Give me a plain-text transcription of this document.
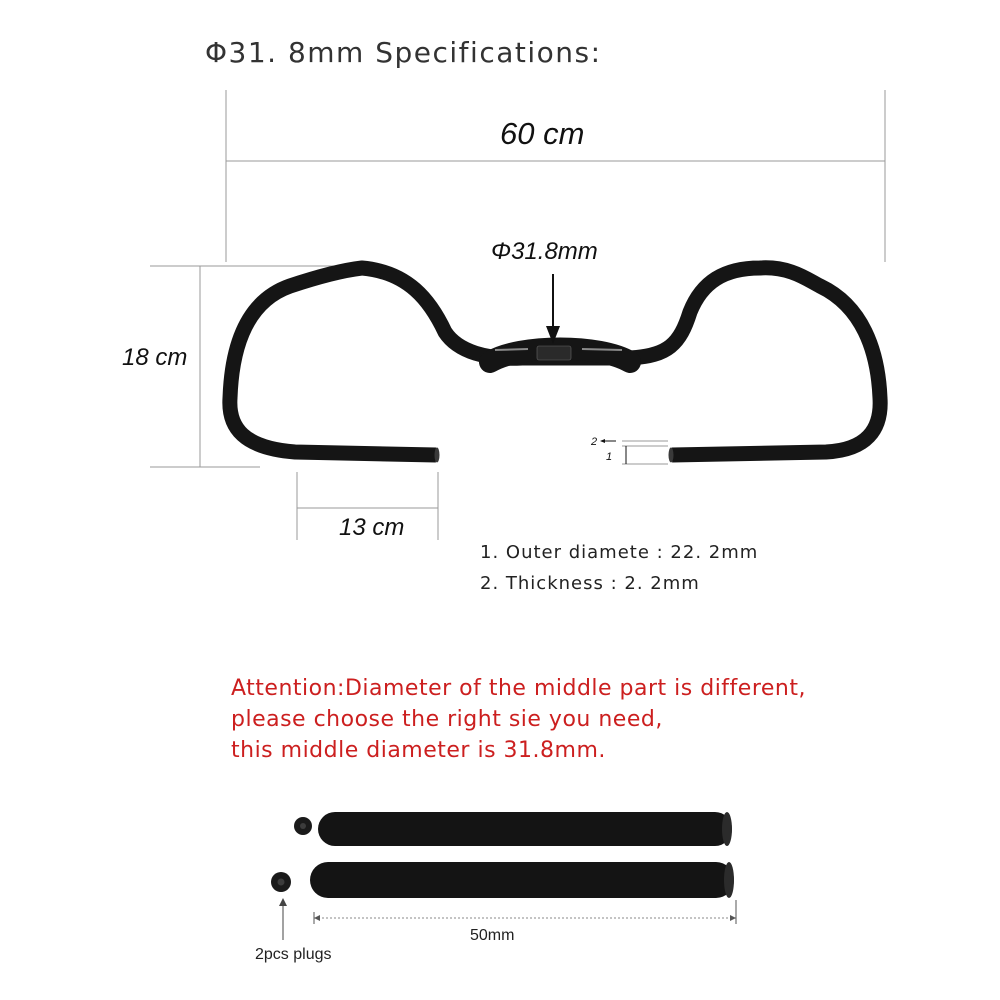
Φ31. 8mm Specifications:
60 cm
Φ31.8mm
18 cm
13 cm
2
1
1. Outer diamete : 22. 2mm
2. Thickness : 2. 2mm
Attention:Diameter of the middle part is different,
please choose the right sie you need,
this middle diameter is 31.8mm.
50mm
2pcs plugs
